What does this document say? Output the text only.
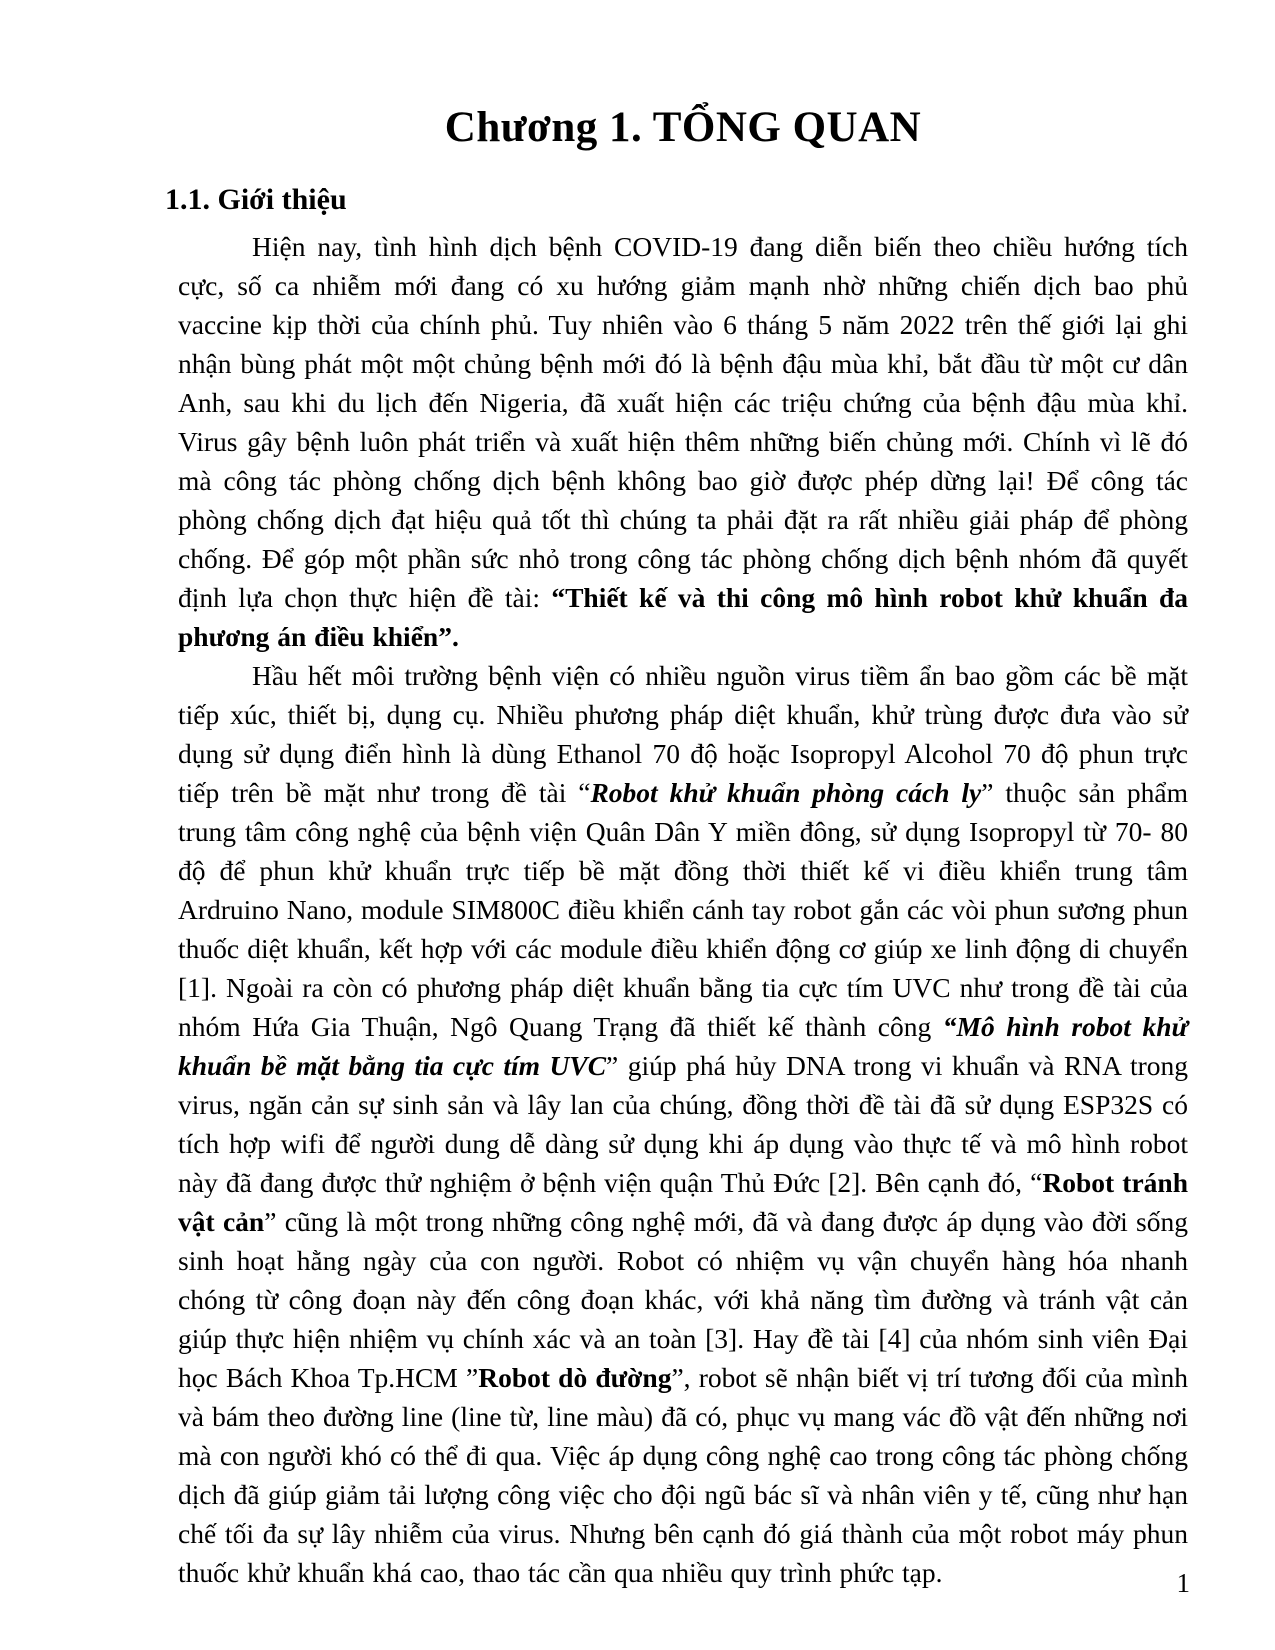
Chương 1. TỔNG QUAN
1.1. Giới thiệu

Hiện nay, tình hình dịch bệnh COVID-19 đang diễn biến theo chiều hướng tích cực, số ca nhiễm mới đang có xu hướng giảm mạnh nhờ những chiến dịch bao phủ vaccine kịp thời của chính phủ. Tuy nhiên vào 6 tháng 5 năm 2022 trên thế giới lại ghi nhận bùng phát một một chủng bệnh mới đó là bệnh đậu mùa khỉ, bắt đầu từ một cư dân Anh, sau khi du lịch đến Nigeria, đã xuất hiện các triệu chứng của bệnh đậu mùa khỉ. Virus gây bệnh luôn phát triển và xuất hiện thêm những biến chủng mới. Chính vì lẽ đó mà công tác phòng chống dịch bệnh không bao giờ được phép dừng lại! Để công tác phòng chống dịch đạt hiệu quả tốt thì chúng ta phải đặt ra rất nhiều giải pháp để phòng chống. Để góp một phần sức nhỏ trong công tác phòng chống dịch bệnh nhóm đã quyết định lựa chọn thực hiện đề tài: “Thiết kế và thi công mô hình robot khử khuẩn đa phương án điều khiển”.

Hầu hết môi trường bệnh viện có nhiều nguồn virus tiềm ẩn bao gồm các bề mặt tiếp xúc, thiết bị, dụng cụ. Nhiều phương pháp diệt khuẩn, khử trùng được đưa vào sử dụng sử dụng điển hình là dùng Ethanol 70 độ hoặc Isopropyl Alcohol 70 độ phun trực tiếp trên bề mặt như trong đề tài “Robot khử khuẩn phòng cách ly” thuộc sản phẩm trung tâm công nghệ của bệnh viện Quân Dân Y miền đông, sử dụng Isopropyl từ 70- 80 độ để phun khử khuẩn trực tiếp bề mặt đồng thời thiết kế vi điều khiển trung tâm Ardruino Nano, module SIM800C điều khiển cánh tay robot gắn các vòi phun sương phun thuốc diệt khuẩn, kết hợp với các module điều khiển động cơ giúp xe linh động di chuyển [1]. Ngoài ra còn có phương pháp diệt khuẩn bằng tia cực tím UVC như trong đề tài của nhóm Hứa Gia Thuận, Ngô Quang Trạng đã thiết kế thành công “Mô hình robot khử khuẩn bề mặt bằng tia cực tím UVC” giúp phá hủy DNA trong vi khuẩn và RNA trong virus, ngăn cản sự sinh sản và lây lan của chúng, đồng thời đề tài đã sử dụng ESP32S có tích hợp wifi để người dung dễ dàng sử dụng khi áp dụng vào thực tế và mô hình robot này đã đang được thử nghiệm ở bệnh viện quận Thủ Đức [2]. Bên cạnh đó, “Robot tránh vật cản” cũng là một trong những công nghệ mới, đã và đang được áp dụng vào đời sống sinh hoạt hằng ngày của con người. Robot có nhiệm vụ vận chuyển hàng hóa nhanh chóng từ công đoạn này đến công đoạn khác, với khả năng tìm đường và tránh vật cản giúp thực hiện nhiệm vụ chính xác và an toàn [3]. Hay đề tài [4] của nhóm sinh viên Đại học Bách Khoa Tp.HCM ”Robot dò đường”, robot sẽ nhận biết vị trí tương đối của mình và bám theo đường line (line từ, line màu) đã có, phục vụ mang vác đồ vật đến những nơi mà con người khó có thể đi qua. Việc áp dụng công nghệ cao trong công tác phòng chống dịch đã giúp giảm tải lượng công việc cho đội ngũ bác sĩ và nhân viên y tế, cũng như hạn chế tối đa sự lây nhiễm của virus. Nhưng bên cạnh đó giá thành của một robot máy phun thuốc khử khuẩn khá cao, thao tác cần qua nhiều quy trình phức tạp.	1
